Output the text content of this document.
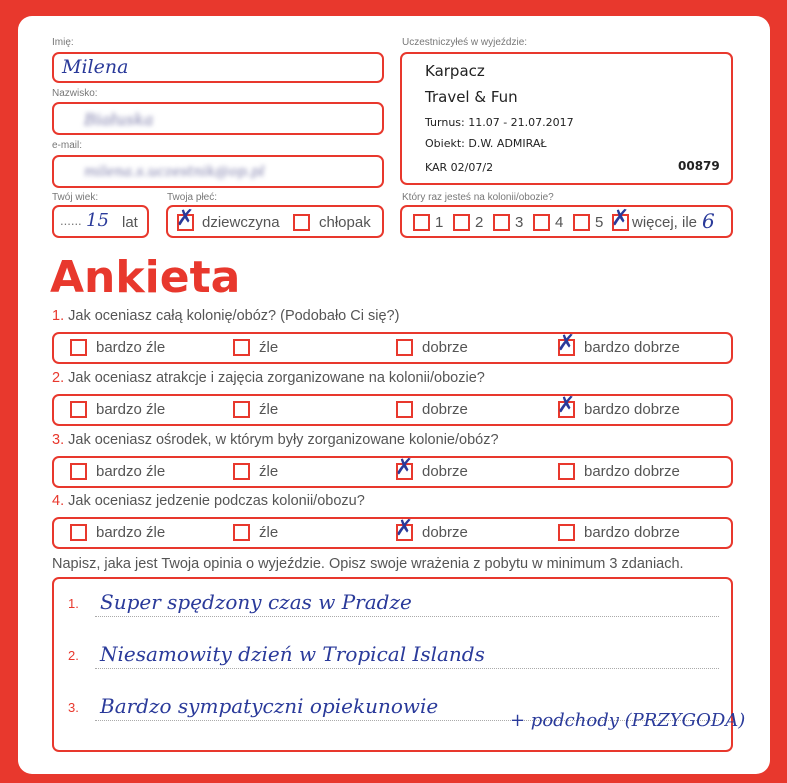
Imię:
Milena
Nazwisko:
Białuska
e-mail:
milena.s.uczestnik@op.pl
Twój wiek:
...... 15 lat
Twoja płeć:
✗ dziewczyna	chłopak
Uczestniczyłeś w wyjeździe:
Karpacz
Travel & Fun
Turnus: 11.07 - 21.07.2017
Obiekt: D.W. ADMIRAŁ
KAR 02/07/2	00879
Który raz jesteś na kolonii/obozie?
1 2 3 4 5 ✗ więcej, ile 6
Ankieta
1. Jak oceniasz całą kolonię/obóz? (Podobało Ci się?)
bardzo źle	źle	dobrze	✗ bardzo dobrze
2. Jak oceniasz atrakcje i zajęcia zorganizowane na kolonii/obozie?
bardzo źle	źle	dobrze	✗ bardzo dobrze
3. Jak oceniasz ośrodek, w którym były zorganizowane kolonie/obóz?
bardzo źle	źle	✗ dobrze	bardzo dobrze
4. Jak oceniasz jedzenie podczas kolonii/obozu?
bardzo źle	źle	✗ dobrze	bardzo dobrze
Napisz, jaka jest Twoja opinia o wyjeździe. Opisz swoje wrażenia z pobytu w minimum 3 zdaniach.
1. Super spędzony czas w Pradze
2. Niesamowity dzień w Tropical Islands
3. Bardzo sympatyczni opiekunowie
+ podchody (PRZYGODA)
